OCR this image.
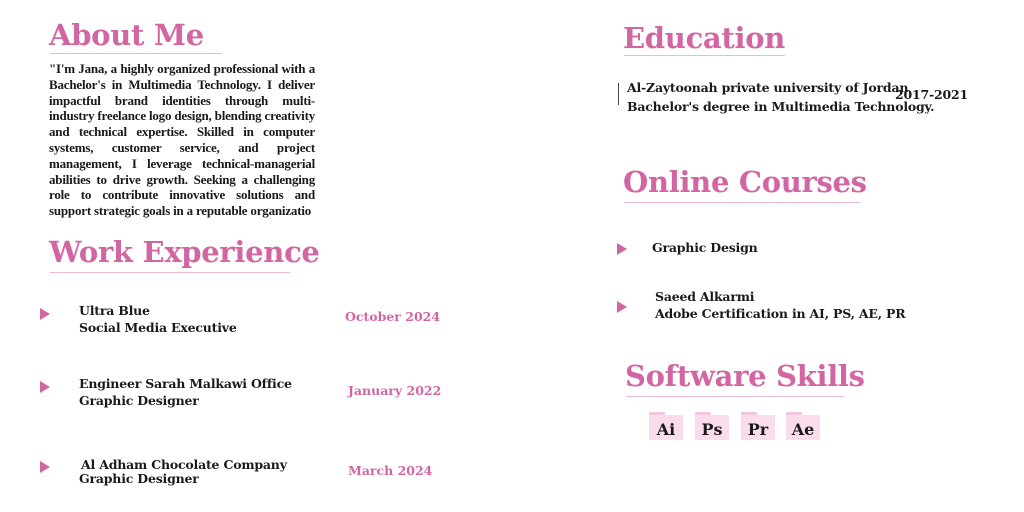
About Me
"I'm Jana, a highly organized professional with a Bachelor's in Multimedia Technology. I deliver impactful brand identities through multi-industry freelance logo design, blending creativity and technical expertise. Skilled in computer systems, customer service, and project management, I leverage technical-managerial abilities to drive growth. Seeking a challenging role to contribute innovative solutions and support strategic goals in a reputable organizatio
Work Experience
Ultra Blue
Social Media Executive
October 2024
Engineer Sarah Malkawi Office
Graphic Designer
January 2022
Al Adham Chocolate Company
Graphic Designer
March 2024
Education
Al-Zaytoonah private university of Jordan
Bachelor's degree in Multimedia Technology.
2017-2021
Online Courses
Graphic Design
Saeed Alkarmi
Adobe Certification in AI, PS, AE, PR
Software Skills
Ai	Ps	Pr	Ae
